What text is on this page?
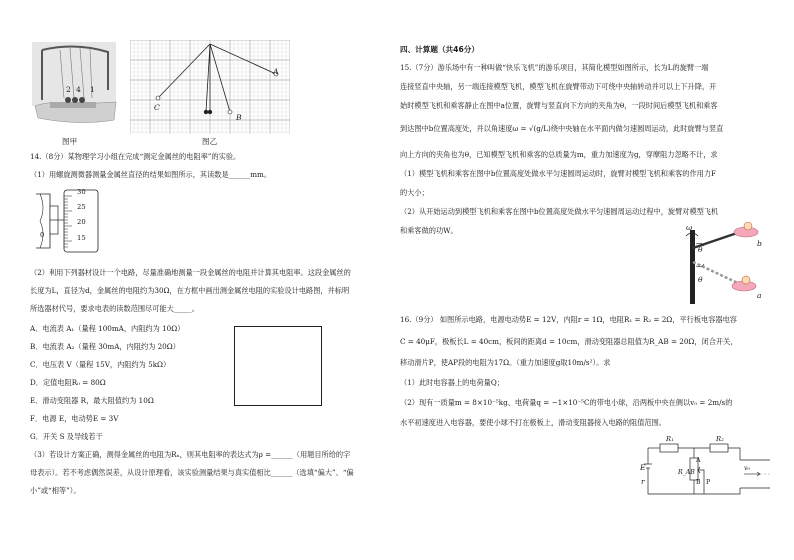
2 4 1
图甲
A
C
B
图乙
14.（8分）某物理学习小组在完成“测定金属丝的电阻率”的实验。
（1）用螺旋测微器测量金属丝直径的结果如图所示，其读数是______mm。
30
25
20
15
0
（2）利用下列器材设计一个电路，尽量准确地测量一段金属丝的电阻并计算其电阻率。这段金属丝的
长度为L，直径为d，金属丝的电阻约为30Ω，在方框中画出测金属丝电阻的实验设计电路图，并标明
所选器材代号，要求电表的读数范围尽可能大_____。
A．电流表 A₁（量程 100mA，内阻约为 10Ω）
B．电流表 A₂（量程 30mA，内阻约为 20Ω）
C．电压表 V（量程 15V，内阻约为 5kΩ）
D．定值电阻R₀ = 80Ω
E．滑动变阻器 R，最大阻值约为 10Ω
F．电源 E，电动势E = 3V
G．开关 S 及导线若干
（3）若设计方案正确，测得金属丝的电阻为Rₓ，则其电阻率的表达式为ρ =______（用题目所给的字
母表示）。若不考虑偶然误差，从设计原理看，该实验测量结果与真实值相比______（选填“偏大”、“偏
小”或“相等”）。
四、计算题（共46分）
15.（7分）游乐场中有一种叫做“快乐飞机”的游乐项目，其简化模型如图所示，长为L的旋臂一端
连接竖直中央轴，另一端连接模型飞机，模型飞机在旋臂带动下可绕中央轴转动并可以上下升降，开
始时模型飞机和乘客静止在图中a位置，旋臂与竖直向下方向的夹角为θ，一段时间后模型飞机和乘客
到达图中b位置高度处，并以角速度ω = √(g/L)绕中央轴在水平面内做匀速圆周运动，此时旋臂与竖直
向上方向的夹角也为θ，已知模型飞机和乘客的总质量为m，重力加速度为g，穿摩阻力忽略不计，求
（1）模型飞机和乘客在图中b位置高度处做水平匀速圆周运动时，旋臂对模型飞机和乘客的作用力F
的大小；
（2）从开始运动到模型飞机和乘客在图中b位置高度处做水平匀速圆周运动过程中，旋臂对模型飞机
和乘客做的功W。	ω
θ
θ
b
a
16.（9分） 如图所示电路，电源电动势E = 12V，内阻r = 1Ω，电阻R₁ = R₂ = 2Ω，平行板电容器电容
C = 40μF，极板长L = 40cm，板间的距离d = 10cm，滑动变阻器总阻值为R_AB = 20Ω，闭合开关，
移动滑片P，使AP段的电阻为17Ω。（重力加速度g取10m/s²）。求
（1）此时电容器上的电荷量Q；
（2）现有一质量m = 8×10⁻⁵kg、电荷量q = −1×10⁻⁵C的带电小球，沿两板中央在侧以v₀ = 2m/s的
水平初速度进入电容器，要使小球不打在极板上，滑动变阻器接入电路的阻值范围。
R₁	R₂
R_AB
A
B P
E
r
v₀
